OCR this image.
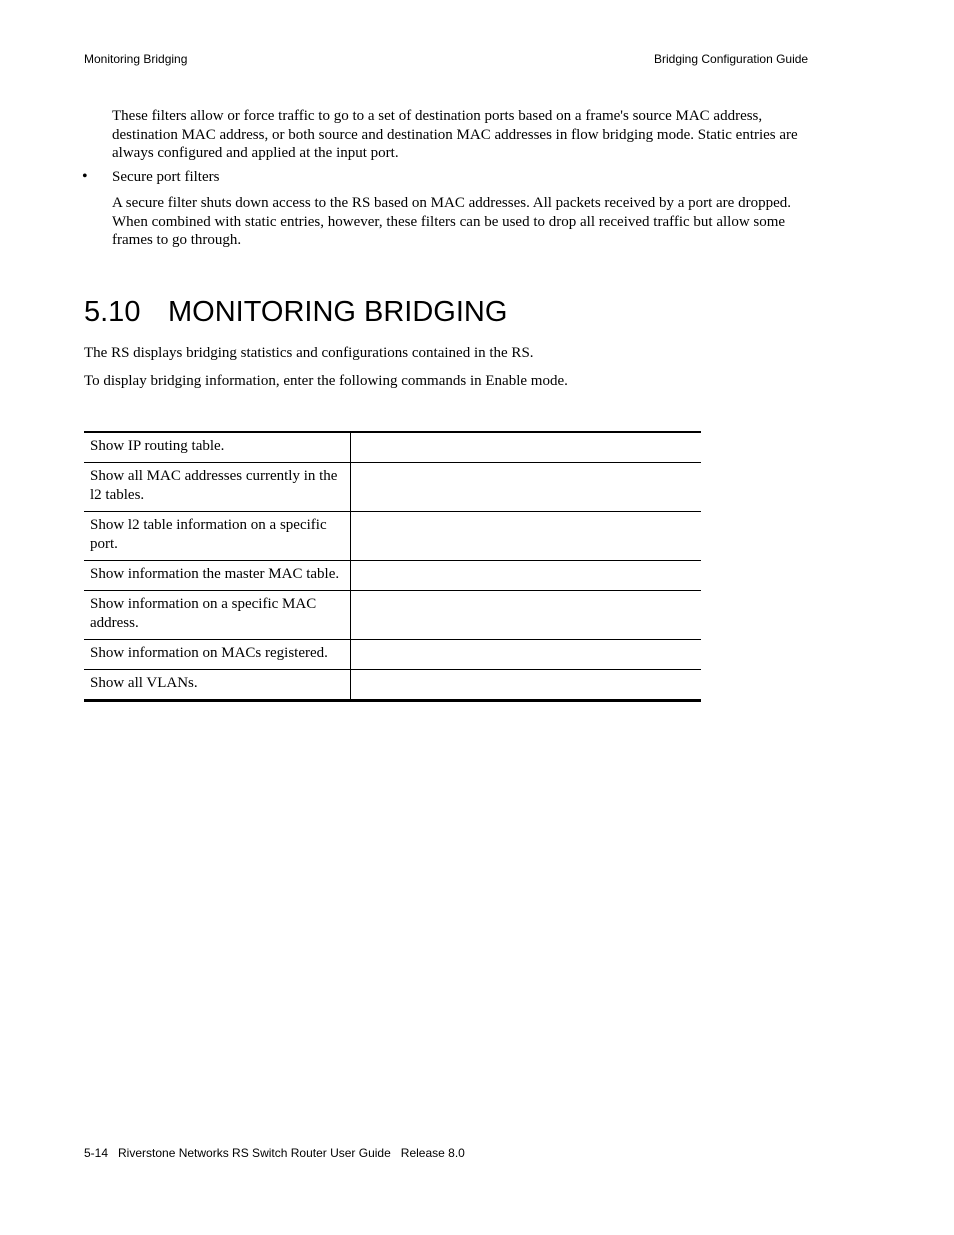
Monitoring Bridging	Bridging Configuration Guide

These filters allow or force traffic to go to a set of destination ports based on a frame's source MAC address, destination MAC address, or both source and destination MAC addresses in flow bridging mode. Static entries are always configured and applied at the input port.

• Secure port filters

A secure filter shuts down access to the RS based on MAC addresses. All packets received by a port are dropped. When combined with static entries, however, these filters can be used to drop all received traffic but allow some frames to go through.

5.10 MONITORING BRIDGING

The RS displays bridging statistics and configurations contained in the RS.

To display bridging information, enter the following commands in Enable mode.

Show IP routing table.	
Show all MAC addresses currently in the l2 tables.	
Show l2 table information on a specific port.	
Show information the master MAC table.	
Show information on a specific MAC address.	
Show information on MACs registered.	
Show all VLANs.	
5-14   Riverstone Networks RS Switch Router User Guide   Release 8.0
